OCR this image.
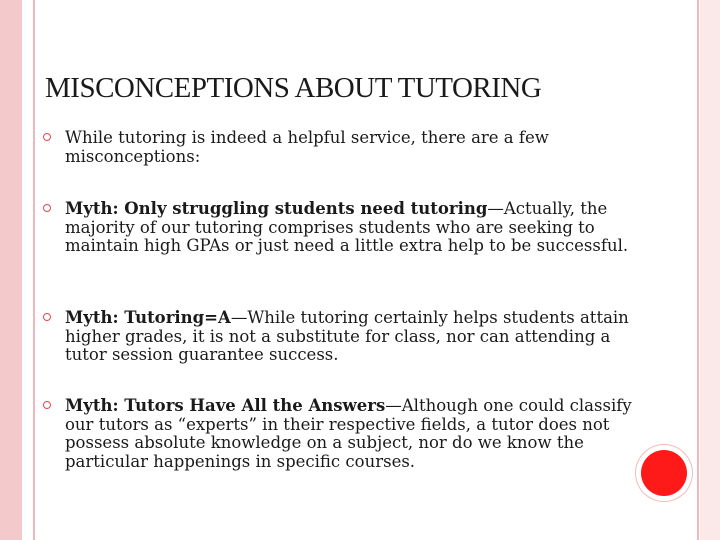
MISCONCEPTIONS ABOUT TUTORING
While tutoring is indeed a helpful service, there are a few misconceptions:
Myth: Only struggling students need tutoring—Actually, the majority of our tutoring comprises students who are seeking to maintain high GPAs or just need a little extra help to be successful.
Myth: Tutoring=A—While tutoring certainly helps students attain higher grades, it is not a substitute for class, nor can attending a tutor session guarantee success.
Myth: Tutors Have All the Answers—Although one could classify our tutors as “experts” in their respective fields, a tutor does not possess absolute knowledge on a subject, nor do we know the particular happenings in specific courses.
